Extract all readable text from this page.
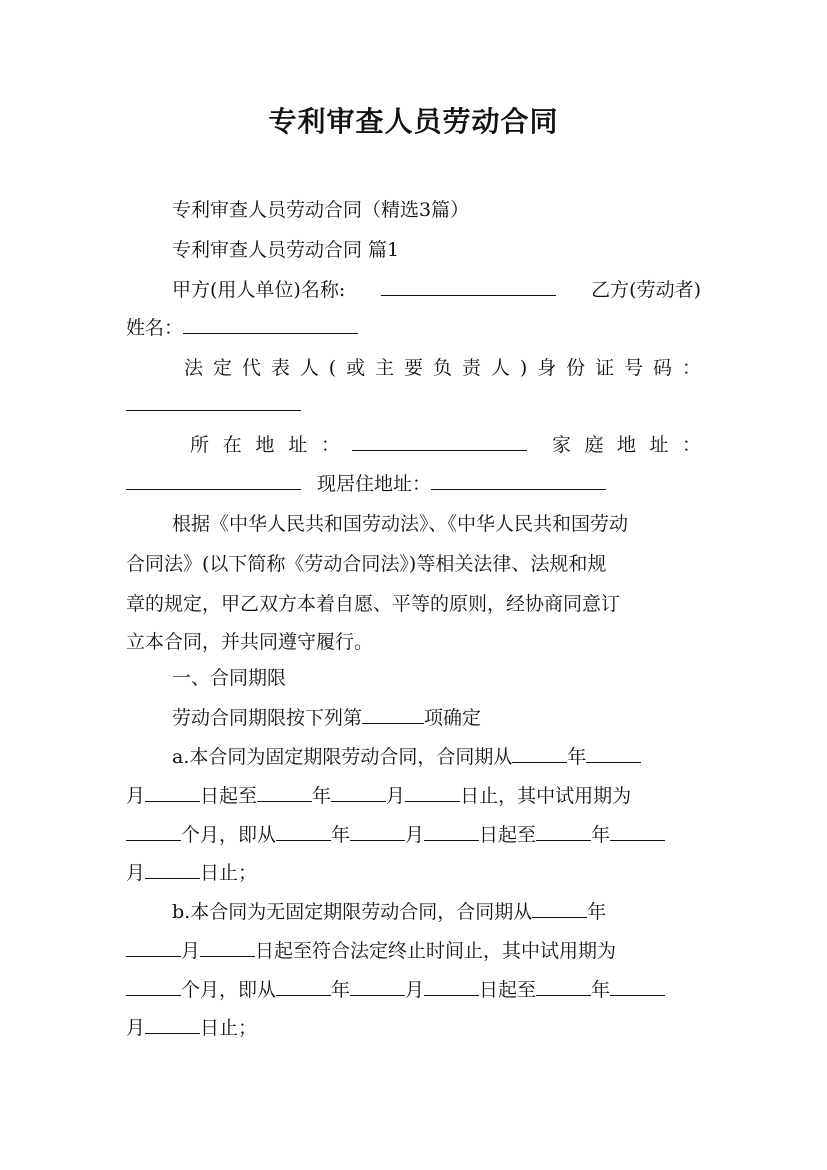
专利审查人员劳动合同
专利审查人员劳动合同（精选3篇）
专利审查人员劳动合同 篇1
甲方(用人单位)名称:	乙方(劳动者)
姓名：
法 定 代 表 人 ( 或 主 要 负 责 人 ) 身 份 证 号 码 ：
所 在 地 址 ：	家 庭 地 址 ：
现居住地址：
根据《中华人民共和国劳动法》、《中华人民共和国劳动
合同法》(以下简称《劳动合同法》)等相关法律、法规和规
章的规定，甲乙双方本着自愿、平等的原则，经协商同意订
立本合同，并共同遵守履行。
一、合同期限
劳动合同期限按下列第	项确定
a.本合同为固定期限劳动合同，合同期从	年
月	日起至	年	月	日止，其中试用期为
个月，即从	年	月	日起至	年
月	日止；
b.本合同为无固定期限劳动合同，合同期从	年
月	日起至符合法定终止时间止，其中试用期为
个月，即从	年	月	日起至	年
月	日止；
